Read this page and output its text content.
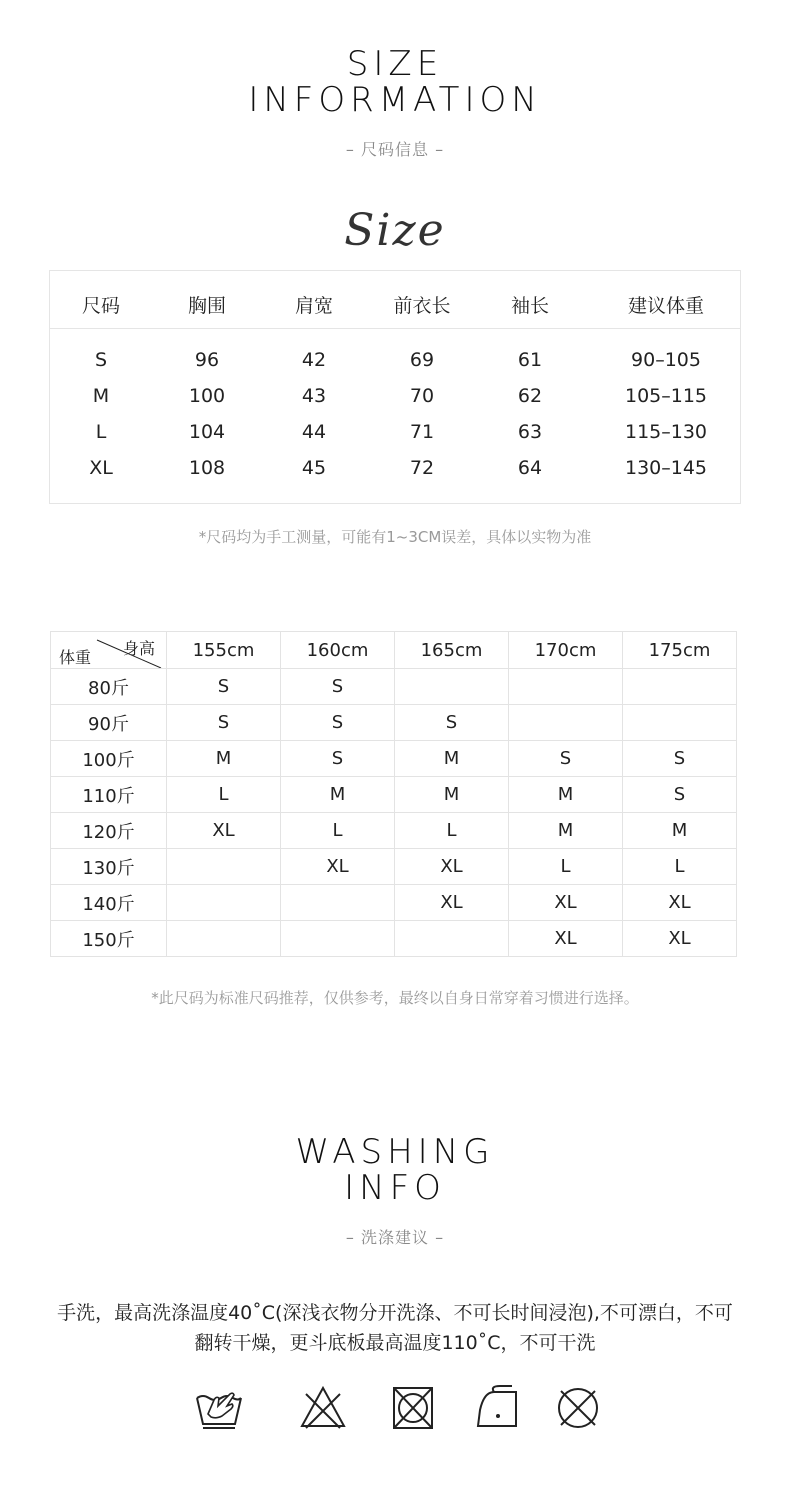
SIZE
INFORMATION
– 尺码信息 –
Size
尺码	胸围	肩宽	前衣长	袖长	建议体重
S	96	42	69	61	90–105
M	100	43	70	62	105–115
L	104	44	71	63	115–130
XL	108	45	72	64	130–145
*尺码均为手工测量，可能有1~3CM误差，具体以实物为准
体重 身高	155cm	160cm	165cm	170cm	175cm
80斤	S	S			
90斤	S	S	S		
100斤	M	S	M	S	S
110斤	L	M	M	M	S
120斤	XL	L	L	M	M
130斤		XL	XL	L	L
140斤			XL	XL	XL
150斤				XL	XL
*此尺码为标准尺码推荐，仅供参考，最终以自身日常穿着习惯进行选择。
WASHING
INFO
– 洗涤建议 –
手洗，最高洗涤温度40˚C(深浅衣物分开洗涤、不可长时间浸泡),不可漂白，不可
翻转干燥，更斗底板最高温度110˚C，不可干洗
